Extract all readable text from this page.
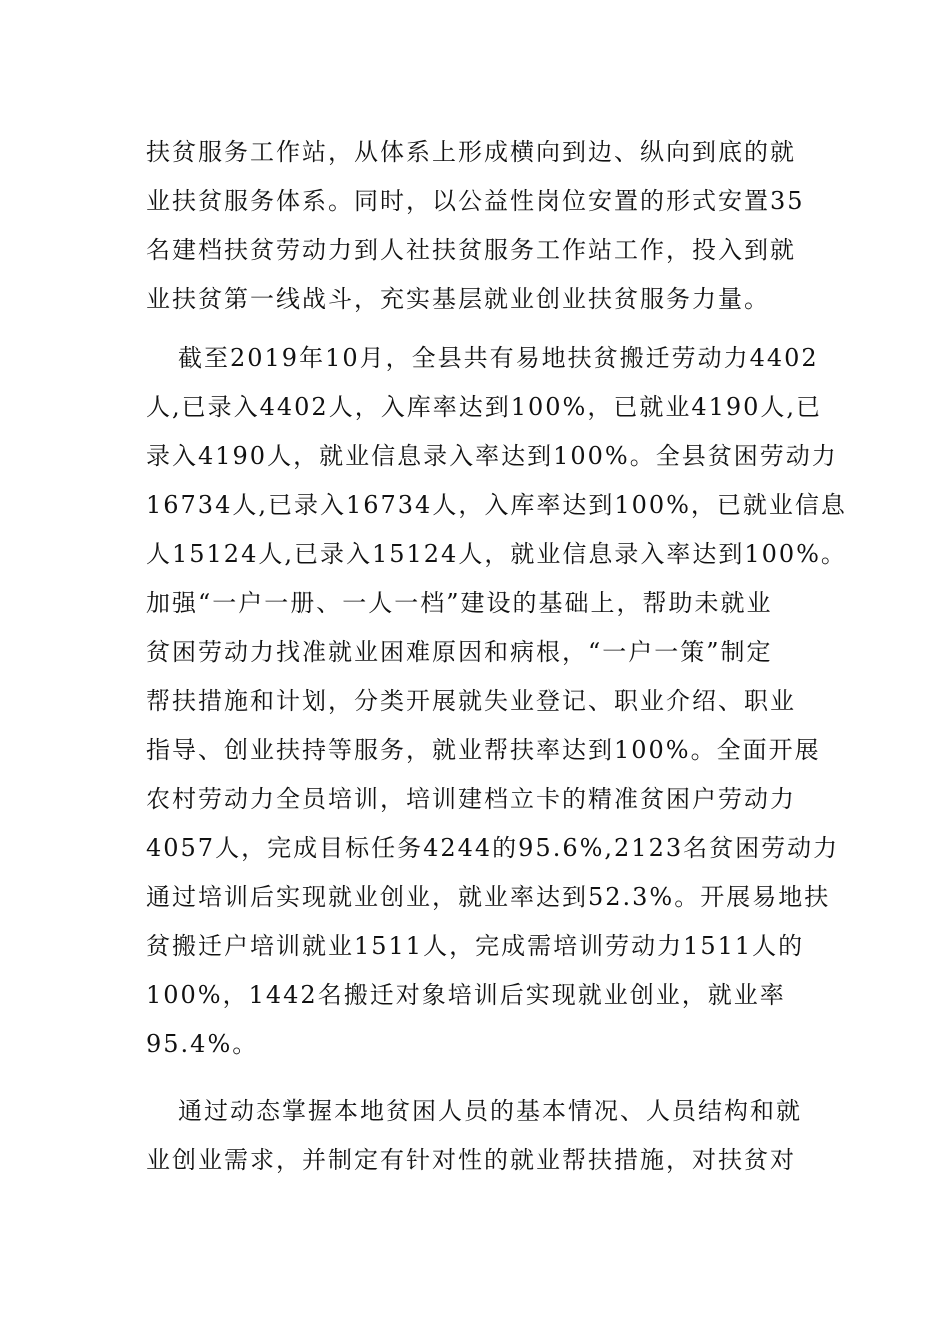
扶贫服务工作站，从体系上形成横向到边、纵向到底的就
业扶贫服务体系。同时，以公益性岗位安置的形式安置35
名建档扶贫劳动力到人社扶贫服务工作站工作，投入到就
业扶贫第一线战斗，充实基层就业创业扶贫服务力量。
截至2019年10月，全县共有易地扶贫搬迁劳动力4402
人,已录入4402人，入库率达到100%，已就业4190人,已
录入4190人，就业信息录入率达到100%。全县贫困劳动力
16734人,已录入16734人，入库率达到100%，已就业信息
人15124人,已录入15124人，就业信息录入率达到100%。
加强“一户一册、一人一档”建设的基础上，帮助未就业
贫困劳动力找准就业困难原因和病根，“一户一策”制定
帮扶措施和计划，分类开展就失业登记、职业介绍、职业
指导、创业扶持等服务，就业帮扶率达到100%。全面开展
农村劳动力全员培训，培训建档立卡的精准贫困户劳动力
4057人，完成目标任务4244的95.6%,2123名贫困劳动力
通过培训后实现就业创业，就业率达到52.3%。开展易地扶
贫搬迁户培训就业1511人，完成需培训劳动力1511人的
100%，1442名搬迁对象培训后实现就业创业，就业率
95.4%。
通过动态掌握本地贫困人员的基本情况、人员结构和就
业创业需求，并制定有针对性的就业帮扶措施，对扶贫对
